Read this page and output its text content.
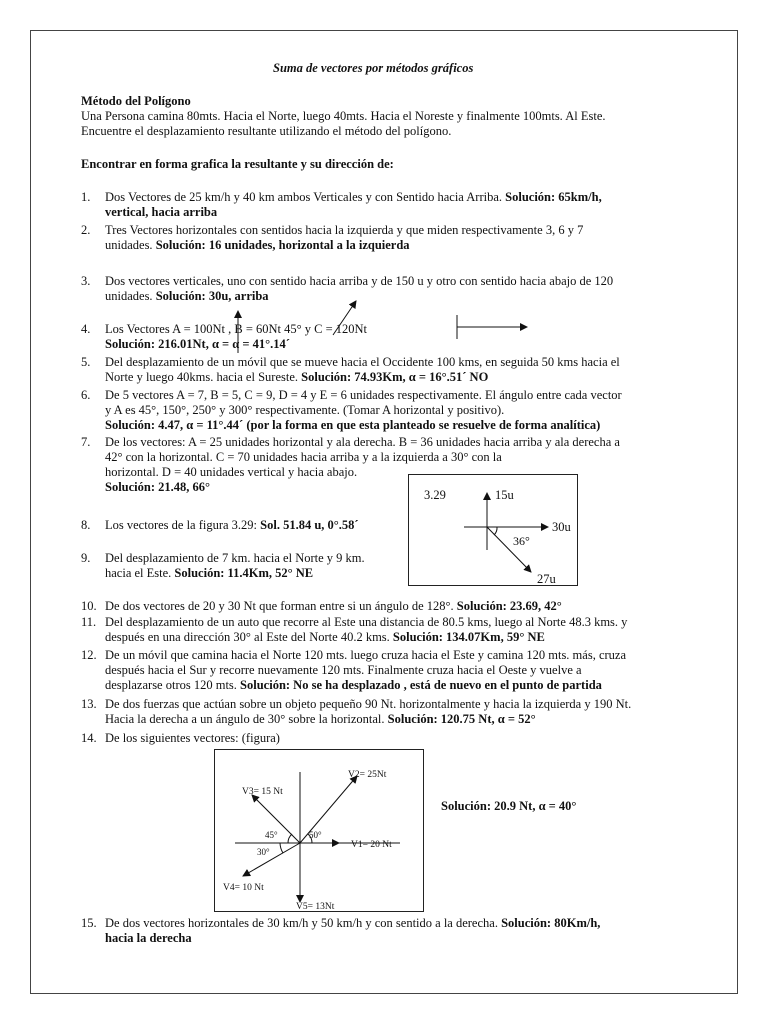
Suma de vectores por métodos gráficos
Método del Polígono
Una Persona camina 80mts. Hacia el Norte, luego 40mts. Hacia el Noreste y finalmente 100mts. Al Este.
Encuentre el desplazamiento resultante utilizando el método del polígono.
Encontrar en forma grafica la resultante y su dirección de:
1. Dos Vectores de 25 km/h y 40 km ambos Verticales y con Sentido hacia Arriba. Solución: 65km/h,
vertical, hacia arriba
2. Tres Vectores horizontales con sentidos hacia la izquierda y que miden respectivamente 3, 6 y 7
unidades. Solución: 16 unidades, horizontal a la izquierda
3. Dos vectores verticales, uno con sentido hacia arriba y de 150 u y otro con sentido hacia abajo de 120
unidades. Solución: 30u, arriba
4. Los Vectores A = 100Nt , B = 60Nt 45° y C = 120Nt
Solución: 216.01Nt, α = α = 41°.14´
5. Del desplazamiento de un móvil que se mueve hacia el Occidente 100 kms, en seguida 50 kms hacia el
Norte y luego 40kms. hacia el Sureste. Solución: 74.93Km, α = 16°.51´ NO
6. De 5 vectores A = 7, B = 5, C = 9, D = 4 y E = 6 unidades respectivamente. El ángulo entre cada vector
y A es 45°, 150°, 250° y 300° respectivamente. (Tomar A horizontal y positivo).
Solución: 4.47, α = 11°.44´ (por la forma en que esta planteado se resuelve de forma analítica)
7. De los vectores: A = 25 unidades horizontal y ala derecha. B = 36 unidades hacia arriba y ala derecha a
42° con la horizontal. C = 70 unidades hacia arriba y a la izquierda a 30° con la
horizontal. D = 40 unidades vertical y hacia abajo.
Solución: 21.48, 66°
3.29	15u
30u
36°
27u
8. Los vectores de la figura 3.29: Sol. 51.84 u, 0°.58´
9. Del desplazamiento de 7 km. hacia el Norte y 9 km.
hacia el Este. Solución: 11.4Km, 52° NE
10. De dos vectores de 20 y 30 Nt que forman entre si un ángulo de 128°. Solución: 23.69, 42°
11. Del desplazamiento de un auto que recorre al Este una distancia de 80.5 kms, luego al Norte 48.3 kms. y
después en una dirección 30° al Este del Norte 40.2 kms. Solución: 134.07Km, 59° NE
12. De un móvil que camina hacia el Norte 120 mts. luego cruza hacia el Este y camina 120 mts. más, cruza
después hacia el Sur y recorre nuevamente 120 mts. Finalmente cruza hacia el Oeste y vuelve a
desplazarse otros 120 mts. Solución: No se ha desplazado , está de nuevo en el punto de partida
13. De dos fuerzas que actúan sobre un objeto pequeño 90 Nt. horizontalmente y hacia la izquierda y 190 Nt.
Hacia la derecha a un ángulo de 30° sobre la horizontal. Solución: 120.75 Nt, α = 52°
14. De los siguientes vectores: (figura)
Solución: 20.9 Nt, α = 40°
V1= 20 Nt
V2= 25Nt
V3= 15 Nt
V4= 10 Nt
V5= 13Nt
45°	50°
30°
15. De dos vectores horizontales de 30 km/h y 50 km/h y con sentido a la derecha. Solución: 80Km/h,
hacia la derecha
